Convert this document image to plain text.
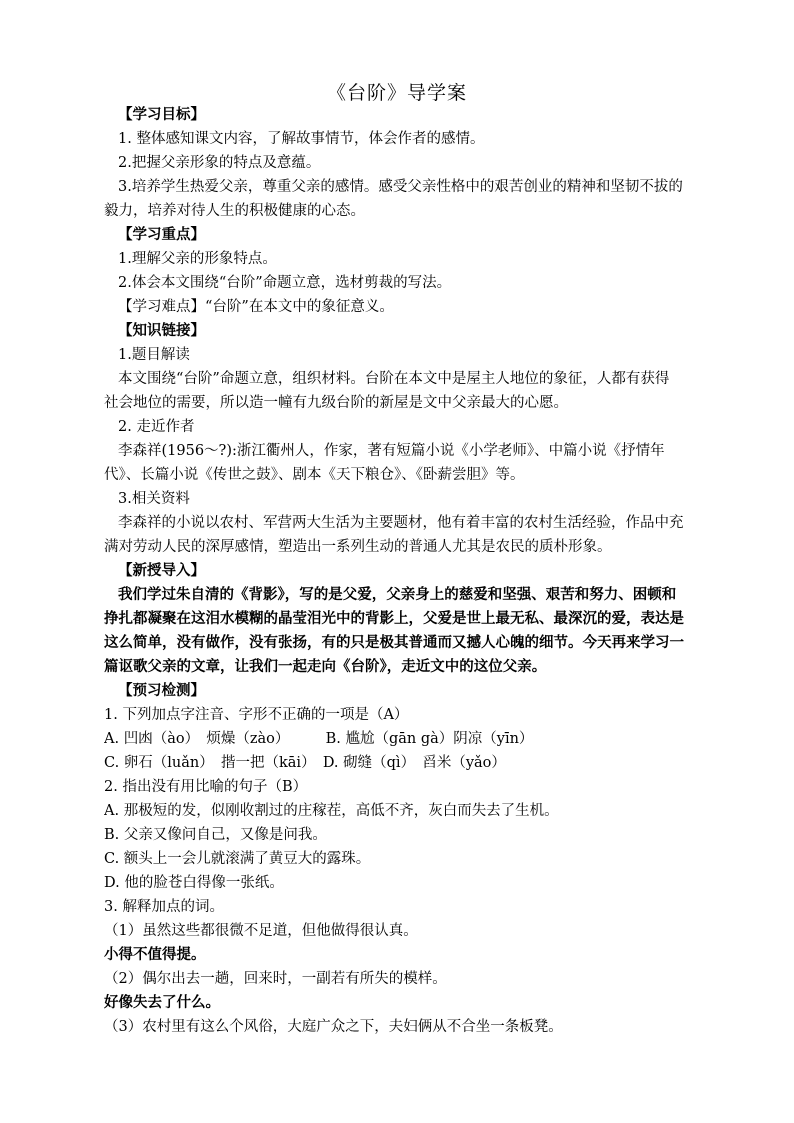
《台阶》导学案
【学习目标】
1. 整体感知课文内容，了解故事情节，体会作者的感情。
2.把握父亲形象的特点及意蕴。
3.培养学生热爱父亲，尊重父亲的感情。感受父亲性格中的艰苦创业的精神和坚韧不拔的
毅力，培养对待人生的积极健康的心态。
【学习重点】
1.理解父亲的形象特点。
2.体会本文围绕“台阶”命题立意，选材剪裁的写法。
【学习难点】“台阶”在本文中的象征意义。
【知识链接】
1.题目解读
本文围绕“台阶”命题立意，组织材料。台阶在本文中是屋主人地位的象征，人都有获得
社会地位的需要，所以造一幢有九级台阶的新屋是文中父亲最大的心愿。
2. 走近作者
李森祥(1956～?):浙江衢州人，作家，著有短篇小说《小学老师》、中篇小说《抒情年
代》、长篇小说《传世之鼓》、剧本《天下粮仓》、《卧薪尝胆》等。
3.相关资料
李森祥的小说以农村、军营两大生活为主要题材，他有着丰富的农村生活经验，作品中充
满对劳动人民的深厚感情，塑造出一系列生动的普通人尤其是农民的质朴形象。
【新授导入】
我们学过朱自清的《背影》，写的是父爱，父亲身上的慈爱和坚强、艰苦和努力、困顿和
挣扎都凝聚在这泪水模糊的晶莹泪光中的背影上，父爱是世上最无私、最深沉的爱，表达是
这么简单，没有做作，没有张扬，有的只是极其普通而又撼人心魄的细节。今天再来学习一
篇讴歌父亲的文章，让我们一起走向《台阶》，走近文中的这位父亲。
【预习检测】
1. 下列加点字注音、字形不正确的一项是（A）
A. 凹凼（ào）　烦燥（zào）　　　B. 尴尬（gān gà）阴凉（yīn）
C. 卵石（luǎn）　揩一把（kāi）　D. 砌缝（qì）　舀米（yǎo）
2. 指出没有用比喻的句子（B）
A. 那极短的发，似刚收割过的庄稼茬，高低不齐，灰白而失去了生机。
B. 父亲又像问自己，又像是问我。
C. 额头上一会儿就滚满了黄豆大的露珠。
D. 他的脸苍白得像一张纸。
3. 解释加点的词。
（1）虽然这些都很微不足道，但他做得很认真。
小得不值得提。
（2）偶尔出去一趟，回来时，一副若有所失的模样。
好像失去了什么。
（3）农村里有这么个风俗，大庭广众之下，夫妇俩从不合坐一条板凳。
